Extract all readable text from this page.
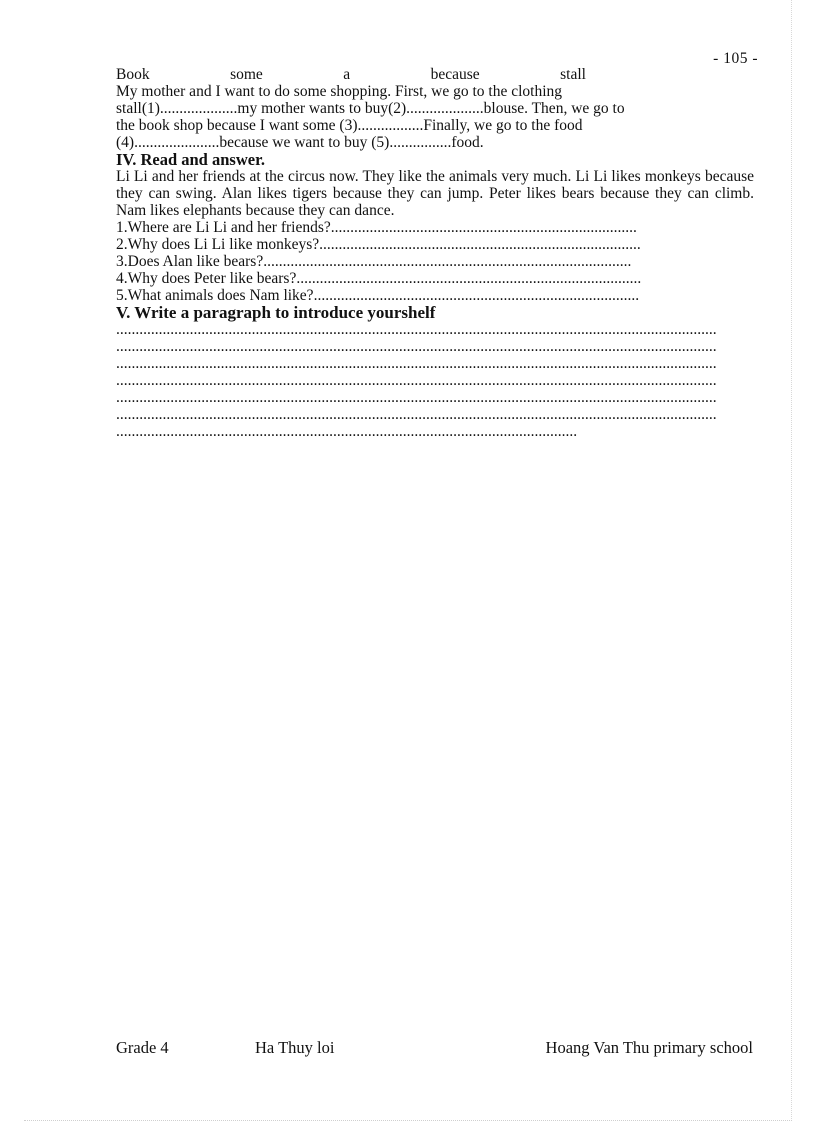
- 105 -
Book	some	a	because	stall

My mother and I want to do some shopping. First, we go to the clothing

stall(1)....................my mother wants to buy(2)....................blouse. Then, we go to

the book shop because I want some (3).................Finally, we go to the food

(4)......................because we want to buy (5)................food.

IV. Read and answer.

Li Li and her friends at the circus now. They like the animals very much. Li Li likes monkeys because they can swing. Alan likes tigers because they can jump. Peter likes bears because they can climb. Nam likes elephants because they can dance.

1.Where are Li Li and her friends?...............................................................................
2.Why does Li Li like monkeys?...................................................................................
3.Does Alan like bears?...............................................................................................
4.Why does Peter like bears?.........................................................................................
5.What animals does Nam like?....................................................................................

V. Write a paragraph to introduce yourshelf

...........................................................................................................................................................
...........................................................................................................................................................
...........................................................................................................................................................
...........................................................................................................................................................
...........................................................................................................................................................
...........................................................................................................................................................
.......................................................................................................................
Grade 4	Ha Thuy loi	Hoang Van Thu primary school
